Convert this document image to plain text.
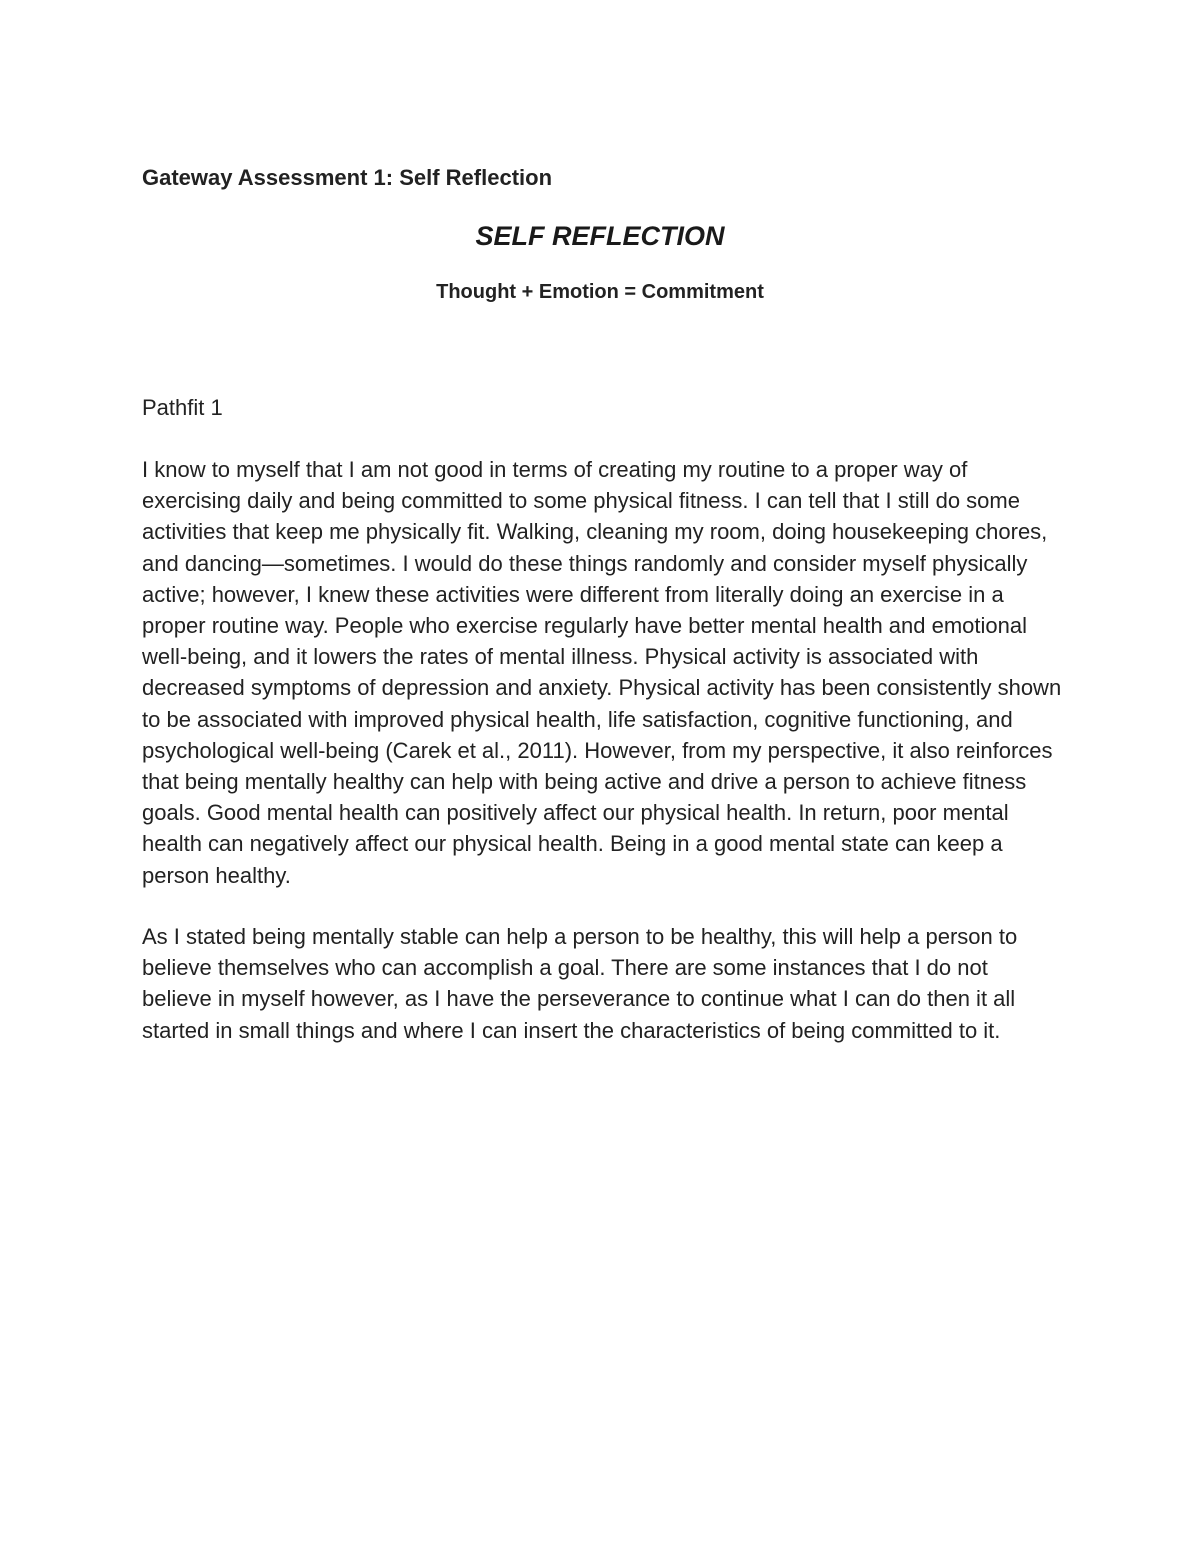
Gateway Assessment 1: Self Reflection

SELF REFLECTION

Thought + Emotion = Commitment

Pathfit 1

I know to myself that I am not good in terms of creating my routine to a proper way of exercising daily and being committed to some physical fitness. I can tell that I still do some activities that keep me physically fit. Walking, cleaning my room, doing housekeeping chores, and dancing—sometimes. I would do these things randomly and consider myself physically active; however, I knew these activities were different from literally doing an exercise in a proper routine way. People who exercise regularly have better mental health and emotional well-being, and it lowers the rates of mental illness. Physical activity is associated with decreased symptoms of depression and anxiety. Physical activity has been consistently shown to be associated with improved physical health, life satisfaction, cognitive functioning, and psychological well-being (Carek et al., 2011). However, from my perspective, it also reinforces that being mentally healthy can help with being active and drive a person to achieve fitness goals. Good mental health can positively affect our physical health. In return, poor mental health can negatively affect our physical health. Being in a good mental state can keep a person healthy.

As I stated being mentally stable can help a person to be healthy, this will help a person to believe themselves who can accomplish a goal. There are some instances that I do not believe in myself however, as I have the perseverance to continue what I can do then it all started in small things and where I can insert the characteristics of being committed to it.
